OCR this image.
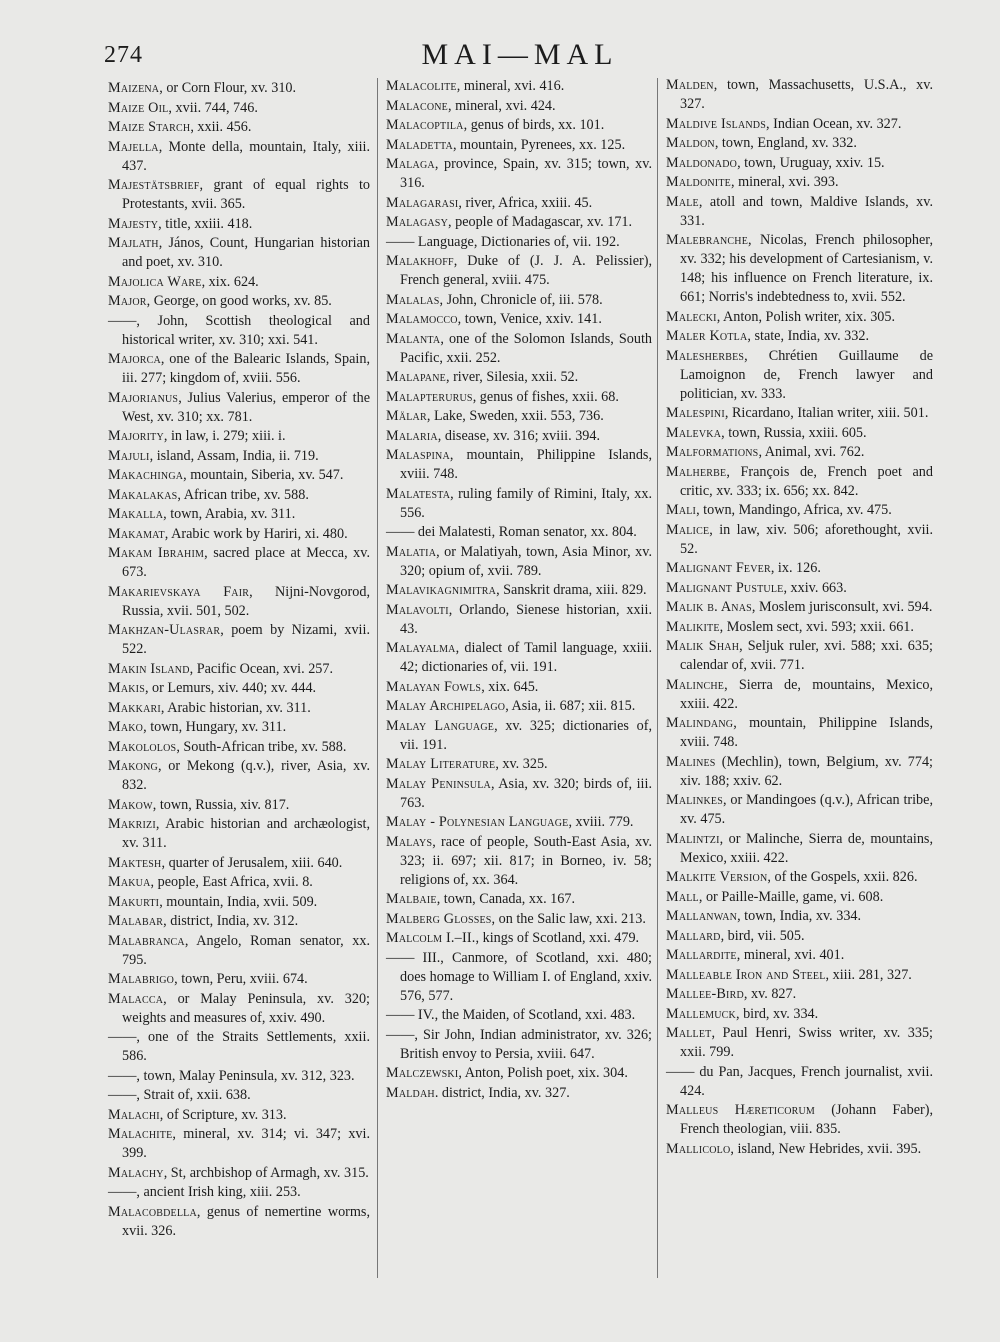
274	MAI—MAL
Maizena, or Corn Flour, xv. 310.
Maize Oil, xvii. 744, 746.
Maize Starch, xxii. 456.
Majella, Monte della, mountain, Italy, xiii. 437.
Majestätsbrief, grant of equal rights to Protestants, xvii. 365.
Majesty, title, xxiii. 418.
Majlath, János, Count, Hungarian historian and poet, xv. 310.
Majolica Ware, xix. 624.
Major, George, on good works, xv. 85.
——, John, Scottish theological and historical writer, xv. 310; xxi. 541.
Majorca, one of the Balearic Islands, Spain, iii. 277; kingdom of, xviii. 556.
Majorianus, Julius Valerius, emperor of the West, xv. 310; xx. 781.
Majority, in law, i. 279; xiii. i.
Majuli, island, Assam, India, ii. 719.
Makachinga, mountain, Siberia, xv. 547.
Makalakas, African tribe, xv. 588.
Makalla, town, Arabia, xv. 311.
Makamat, Arabic work by Hariri, xi. 480.
Makam Ibrahim, sacred place at Mecca, xv. 673.
Makarievskaya Fair, Nijni-Novgorod, Russia, xvii. 501, 502.
Makhzan-Ulasrar, poem by Nizami, xvii. 522.
Makin Island, Pacific Ocean, xvi. 257.
Makis, or Lemurs, xiv. 440; xv. 444.
Makkari, Arabic historian, xv. 311.
Mako, town, Hungary, xv. 311.
Makololos, South-African tribe, xv. 588.
Makong, or Mekong (q.v.), river, Asia, xv. 832.
Makow, town, Russia, xiv. 817.
Makrizi, Arabic historian and archæologist, xv. 311.
Maktesh, quarter of Jerusalem, xiii. 640.
Makua, people, East Africa, xvii. 8.
Makurti, mountain, India, xvii. 509.
Malabar, district, India, xv. 312.
Malabranca, Angelo, Roman senator, xx. 795.
Malabrigo, town, Peru, xviii. 674.
Malacca, or Malay Peninsula, xv. 320; weights and measures of, xxiv. 490.
——, one of the Straits Settlements, xxii. 586.
——, town, Malay Peninsula, xv. 312, 323.
——, Strait of, xxii. 638.
Malachi, of Scripture, xv. 313.
Malachite, mineral, xv. 314; vi. 347; xvi. 399.
Malachy, St, archbishop of Armagh, xv. 315.
——, ancient Irish king, xiii. 253.
Malacobdella, genus of nemertine worms, xvii. 326.
Malacolite, mineral, xvi. 416.
Malacone, mineral, xvi. 424.
Malacoptila, genus of birds, xx. 101.
Maladetta, mountain, Pyrenees, xx. 125.
Malaga, province, Spain, xv. 315; town, xv. 316.
Malagarasi, river, Africa, xxiii. 45.
Malagasy, people of Madagascar, xv. 171.
—— Language, Dictionaries of, vii. 192.
Malakhoff, Duke of (J. J. A. Pelissier), French general, xviii. 475.
Malalas, John, Chronicle of, iii. 578.
Malamocco, town, Venice, xxiv. 141.
Malanta, one of the Solomon Islands, South Pacific, xxii. 252.
Malapane, river, Silesia, xxii. 52.
Malapterurus, genus of fishes, xxii. 68.
Mälar, Lake, Sweden, xxii. 553, 736.
Malaria, disease, xv. 316; xviii. 394.
Malaspina, mountain, Philippine Islands, xviii. 748.
Malatesta, ruling family of Rimini, Italy, xx. 556.
—— dei Malatesti, Roman senator, xx. 804.
Malatia, or Malatiyah, town, Asia Minor, xv. 320; opium of, xvii. 789.
Malavikagnimitra, Sanskrit drama, xiii. 829.
Malavolti, Orlando, Sienese historian, xxii. 43.
Malayalma, dialect of Tamil language, xxiii. 42; dictionaries of, vii. 191.
Malayan Fowls, xix. 645.
Malay Archipelago, Asia, ii. 687; xii. 815.
Malay Language, xv. 325; dictionaries of, vii. 191.
Malay Literature, xv. 325.
Malay Peninsula, Asia, xv. 320; birds of, iii. 763.
Malay - Polynesian Language, xviii. 779.
Malays, race of people, South-East Asia, xv. 323; ii. 697; xii. 817; in Borneo, iv. 58; religions of, xx. 364.
Malbaie, town, Canada, xx. 167.
Malberg Glosses, on the Salic law, xxi. 213.
Malcolm I.–II., kings of Scotland, xxi. 479.
—— III., Canmore, of Scotland, xxi. 480; does homage to William I. of England, xxiv. 576, 577.
—— IV., the Maiden, of Scotland, xxi. 483.
——, Sir John, Indian administrator, xv. 326; British envoy to Persia, xviii. 647.
Malczewski, Anton, Polish poet, xix. 304.
Maldah. district, India, xv. 327.
Malden, town, Massachusetts, U.S.A., xv. 327.
Maldive Islands, Indian Ocean, xv. 327.
Maldon, town, England, xv. 332.
Maldonado, town, Uruguay, xxiv. 15.
Maldonite, mineral, xvi. 393.
Male, atoll and town, Maldive Islands, xv. 331.
Malebranche, Nicolas, French philosopher, xv. 332; his development of Cartesianism, v. 148; his influence on French literature, ix. 661; Norris's indebtedness to, xvii. 552.
Malecki, Anton, Polish writer, xix. 305.
Maler Kotla, state, India, xv. 332.
Malesherbes, Chrétien Guillaume de Lamoignon de, French lawyer and politician, xv. 333.
Malespini, Ricardano, Italian writer, xiii. 501.
Malevka, town, Russia, xxiii. 605.
Malformations, Animal, xvi. 762.
Malherbe, François de, French poet and critic, xv. 333; ix. 656; xx. 842.
Mali, town, Mandingo, Africa, xv. 475.
Malice, in law, xiv. 506; aforethought, xvii. 52.
Malignant Fever, ix. 126.
Malignant Pustule, xxiv. 663.
Malik b. Anas, Moslem jurisconsult, xvi. 594.
Malikite, Moslem sect, xvi. 593; xxii. 661.
Malik Shah, Seljuk ruler, xvi. 588; xxi. 635; calendar of, xvii. 771.
Malinche, Sierra de, mountains, Mexico, xxiii. 422.
Malindang, mountain, Philippine Islands, xviii. 748.
Malines (Mechlin), town, Belgium, xv. 774; xiv. 188; xxiv. 62.
Malinkes, or Mandingoes (q.v.), African tribe, xv. 475.
Malintzi, or Malinche, Sierra de, mountains, Mexico, xxiii. 422.
Malkite Version, of the Gospels, xxii. 826.
Mall, or Paille-Maille, game, vi. 608.
Mallanwan, town, India, xv. 334.
Mallard, bird, vii. 505.
Mallardite, mineral, xvi. 401.
Malleable Iron and Steel, xiii. 281, 327.
Mallee-Bird, xv. 827.
Mallemuck, bird, xv. 334.
Mallet, Paul Henri, Swiss writer, xv. 335; xxii. 799.
—— du Pan, Jacques, French journalist, xvii. 424.
Malleus Hæreticorum (Johann Faber), French theologian, viii. 835.
Mallicolo, island, New Hebrides, xvii. 395.
